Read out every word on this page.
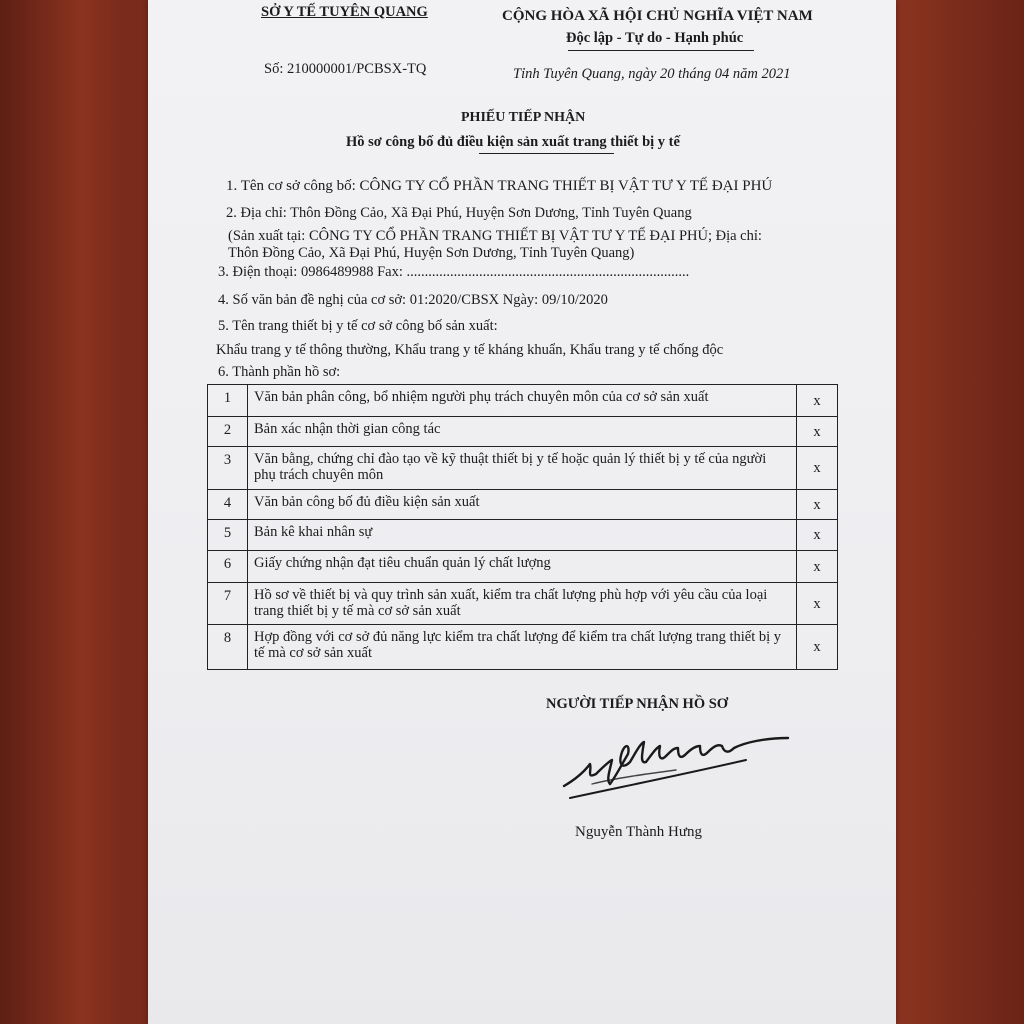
SỞ Y TẾ TUYÊN QUANG	CỘNG HÒA XÃ HỘI CHỦ NGHĨA VIỆT NAM
Độc lập - Tự do - Hạnh phúc
Số: 210000001/PCBSX-TQ	Tỉnh Tuyên Quang, ngày 20 tháng 04 năm 2021
PHIẾU TIẾP NHẬN
Hồ sơ công bố đủ điều kiện sản xuất trang thiết bị y tế
1. Tên cơ sở công bố: CÔNG TY CỔ PHẦN TRANG THIẾT BỊ VẬT TƯ Y TẾ ĐẠI PHÚ
2. Địa chỉ: Thôn Đồng Cảo, Xã Đại Phú, Huyện Sơn Dương, Tỉnh Tuyên Quang
(Sản xuất tại: CÔNG TY CỔ PHẦN TRANG THIẾT BỊ VẬT TƯ Y TẾ ĐẠI PHÚ; Địa chỉ:
Thôn Đồng Cảo, Xã Đại Phú, Huyện Sơn Dương, Tỉnh Tuyên Quang)
3. Điện thoại: 0986489988 Fax: ..............................................................................
4. Số văn bản đề nghị của cơ sở: 01:2020/CBSX Ngày: 09/10/2020
5. Tên trang thiết bị y tế cơ sở công bố sản xuất:
Khẩu trang y tế thông thường, Khẩu trang y tế kháng khuẩn, Khẩu trang y tế chống độc
6. Thành phần hồ sơ:
1	Văn bản phân công, bổ nhiệm người phụ trách chuyên môn của cơ sở sản xuất	x
2	Bản xác nhận thời gian công tác	x
3	Văn bằng, chứng chỉ đào tạo về kỹ thuật thiết bị y tế hoặc quản lý thiết bị y tế của người phụ trách chuyên môn	x
4	Văn bản công bố đủ điều kiện sản xuất	x
5	Bản kê khai nhân sự	x
6	Giấy chứng nhận đạt tiêu chuẩn quản lý chất lượng	x
7	Hồ sơ về thiết bị và quy trình sản xuất, kiểm tra chất lượng phù hợp với yêu cầu của loại trang thiết bị y tế mà cơ sở sản xuất	x
8	Hợp đồng với cơ sở đủ năng lực kiểm tra chất lượng để kiểm tra chất lượng trang thiết bị y tế mà cơ sở sản xuất	x
NGƯỜI TIẾP NHẬN HỒ SƠ
Nguyễn Thành Hưng
